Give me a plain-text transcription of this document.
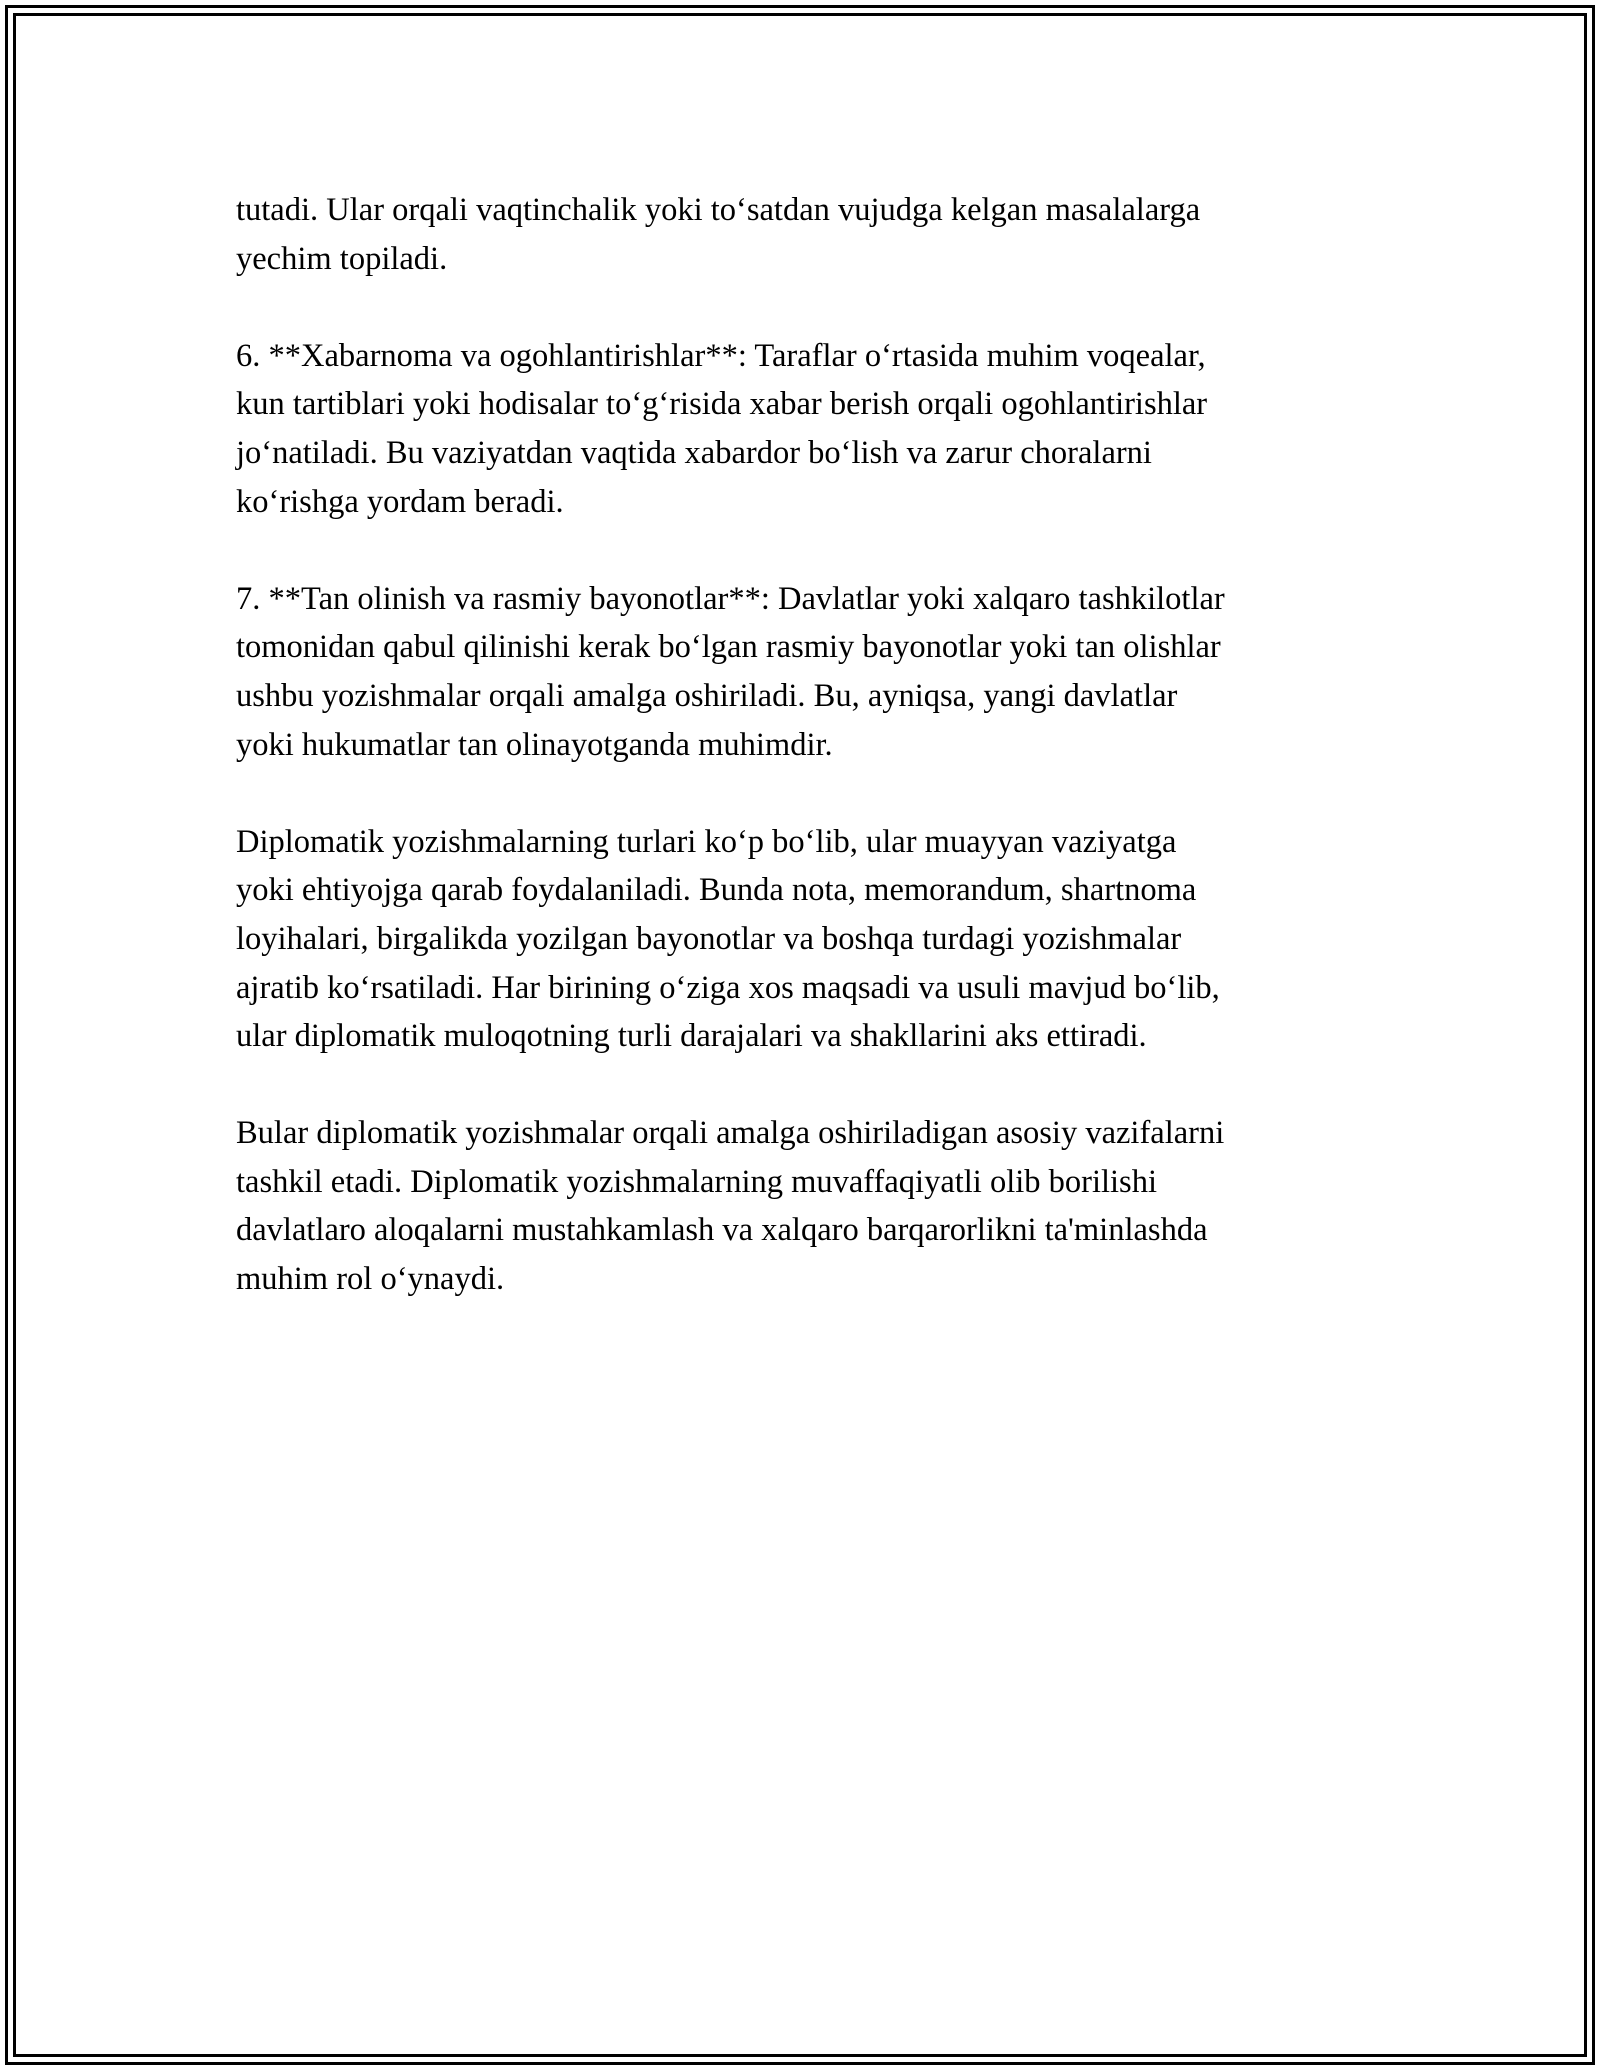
tutadi. Ular orqali vaqtinchalik yoki to‘satdan vujudga kelgan masalalarga
yechim topiladi.

6. **Xabarnoma va ogohlantirishlar**: Taraflar o‘rtasida muhim voqealar,
kun tartiblari yoki hodisalar to‘g‘risida xabar berish orqali ogohlantirishlar
jo‘natiladi. Bu vaziyatdan vaqtida xabardor bo‘lish va zarur choralarni
ko‘rishga yordam beradi.

7. **Tan olinish va rasmiy bayonotlar**: Davlatlar yoki xalqaro tashkilotlar
tomonidan qabul qilinishi kerak bo‘lgan rasmiy bayonotlar yoki tan olishlar
ushbu yozishmalar orqali amalga oshiriladi. Bu, ayniqsa, yangi davlatlar
yoki hukumatlar tan olinayotganda muhimdir.

Diplomatik yozishmalarning turlari ko‘p bo‘lib, ular muayyan vaziyatga
yoki ehtiyojga qarab foydalaniladi. Bunda nota, memorandum, shartnoma
loyihalari, birgalikda yozilgan bayonotlar va boshqa turdagi yozishmalar
ajratib ko‘rsatiladi. Har birining o‘ziga xos maqsadi va usuli mavjud bo‘lib,
ular diplomatik muloqotning turli darajalari va shakllarini aks ettiradi.

Bular diplomatik yozishmalar orqali amalga oshiriladigan asosiy vazifalarni
tashkil etadi. Diplomatik yozishmalarning muvaffaqiyatli olib borilishi
davlatlaro aloqalarni mustahkamlash va xalqaro barqarorlikni ta'minlashda
muhim rol o‘ynaydi.
